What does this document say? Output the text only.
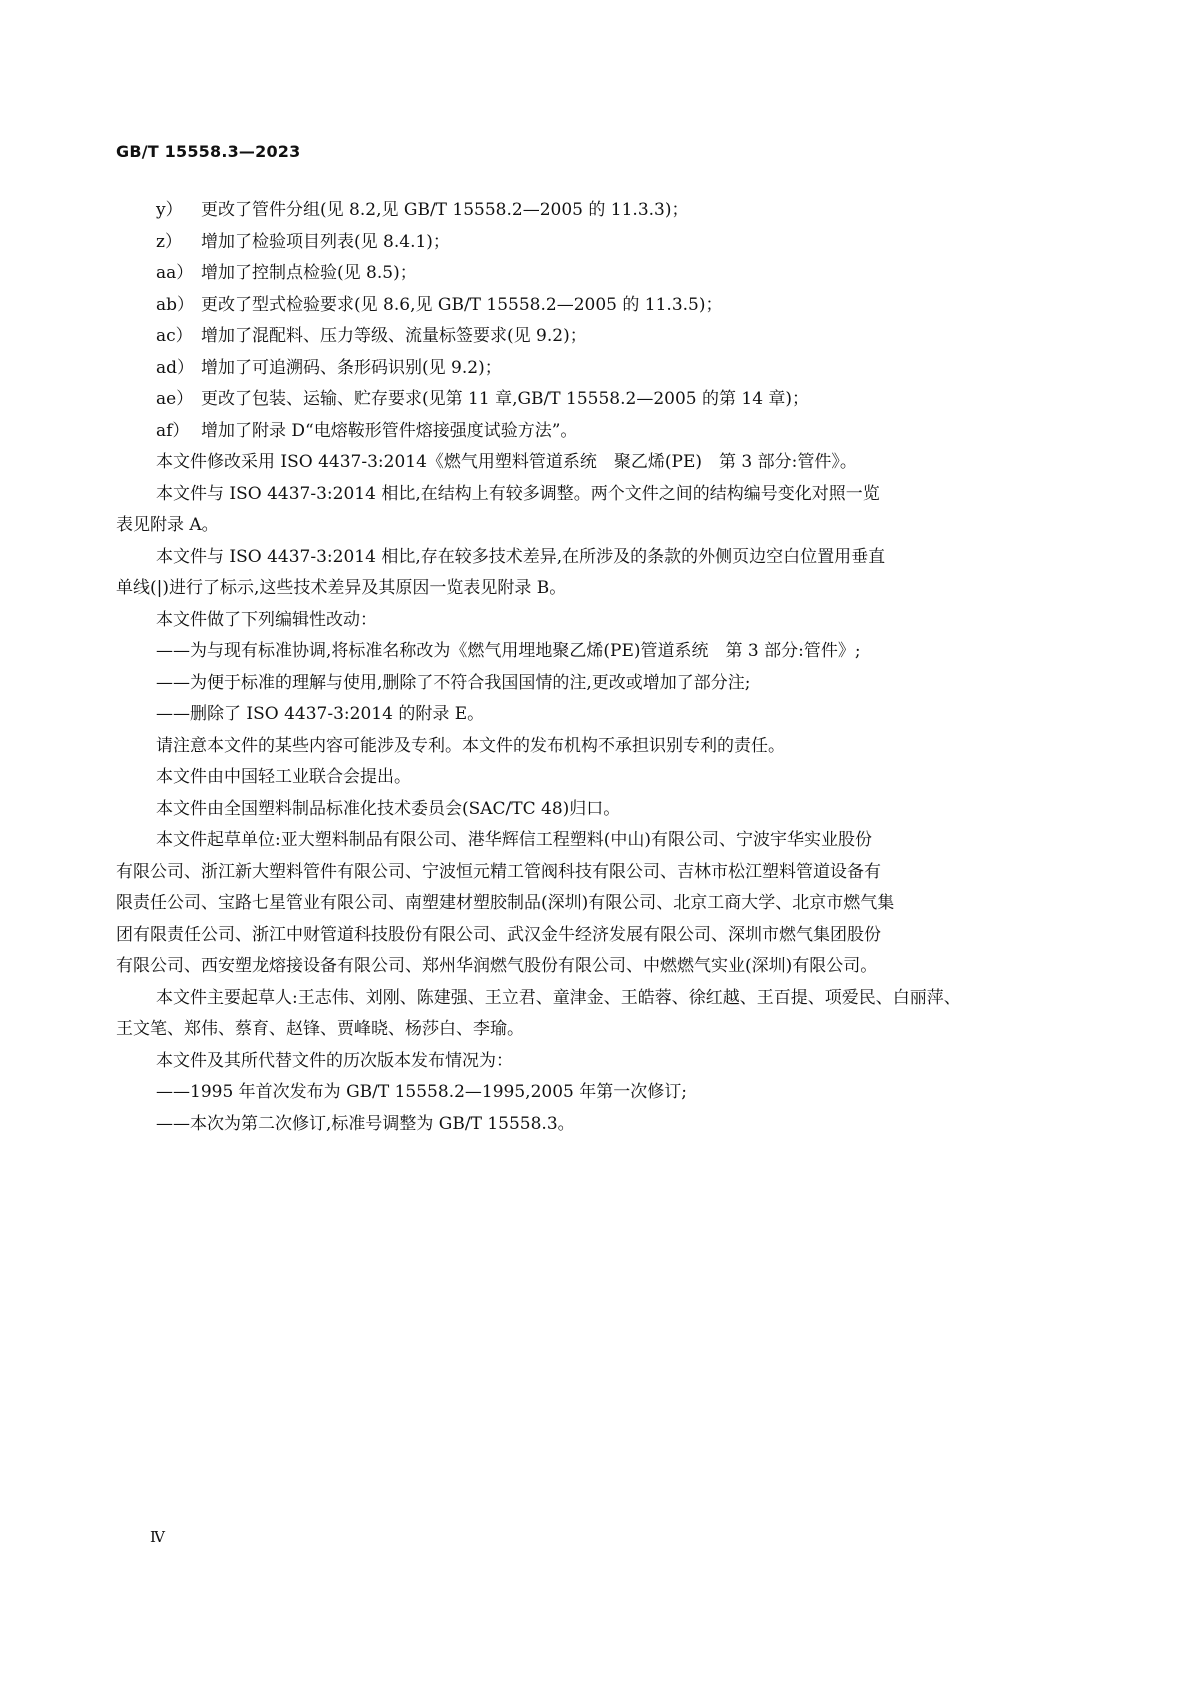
GB/T 15558.3—2023
y）	更改了管件分组(见 8.2,见 GB/T 15558.2—2005 的 11.3.3)；
z）	增加了检验项目列表(见 8.4.1)；
aa） 增加了控制点检验(见 8.5)；
ab） 更改了型式检验要求(见 8.6,见 GB/T 15558.2—2005 的 11.3.5)；
ac） 增加了混配料、压力等级、流量标签要求(见 9.2)；
ad） 增加了可追溯码、条形码识别(见 9.2)；
ae） 更改了包装、运输、贮存要求(见第 11 章,GB/T 15558.2—2005 的第 14 章)；
af） 增加了附录 D“电熔鞍形管件熔接强度试验方法”。
本文件修改采用 ISO 4437-3:2014《燃气用塑料管道系统　聚乙烯(PE)　第 3 部分:管件》。
本文件与 ISO 4437-3:2014 相比,在结构上有较多调整。两个文件之间的结构编号变化对照一览
表见附录 A。
本文件与 ISO 4437-3:2014 相比,存在较多技术差异,在所涉及的条款的外侧页边空白位置用垂直
单线(|)进行了标示,这些技术差异及其原因一览表见附录 B。
本文件做了下列编辑性改动：
——为与现有标准协调,将标准名称改为《燃气用埋地聚乙烯(PE)管道系统　第 3 部分:管件》;
——为便于标准的理解与使用,删除了不符合我国国情的注,更改或增加了部分注;
——删除了 ISO 4437-3:2014 的附录 E。
请注意本文件的某些内容可能涉及专利。本文件的发布机构不承担识别专利的责任。
本文件由中国轻工业联合会提出。
本文件由全国塑料制品标准化技术委员会(SAC/TC 48)归口。
本文件起草单位:亚大塑料制品有限公司、港华辉信工程塑料(中山)有限公司、宁波宇华实业股份
有限公司、浙江新大塑料管件有限公司、宁波恒元精工管阀科技有限公司、吉林市松江塑料管道设备有
限责任公司、宝路七星管业有限公司、南塑建材塑胶制品(深圳)有限公司、北京工商大学、北京市燃气集
团有限责任公司、浙江中财管道科技股份有限公司、武汉金牛经济发展有限公司、深圳市燃气集团股份
有限公司、西安塑龙熔接设备有限公司、郑州华润燃气股份有限公司、中燃燃气实业(深圳)有限公司。
本文件主要起草人:王志伟、刘刚、陈建强、王立君、童津金、王皓蓉、徐红越、王百提、项爱民、白丽萍、
王文笔、郑伟、蔡育、赵锋、贾峰晓、杨莎白、李瑜。
本文件及其所代替文件的历次版本发布情况为：
——1995 年首次发布为 GB/T 15558.2—1995,2005 年第一次修订;
——本次为第二次修订,标准号调整为 GB/T 15558.3。
Ⅳ
